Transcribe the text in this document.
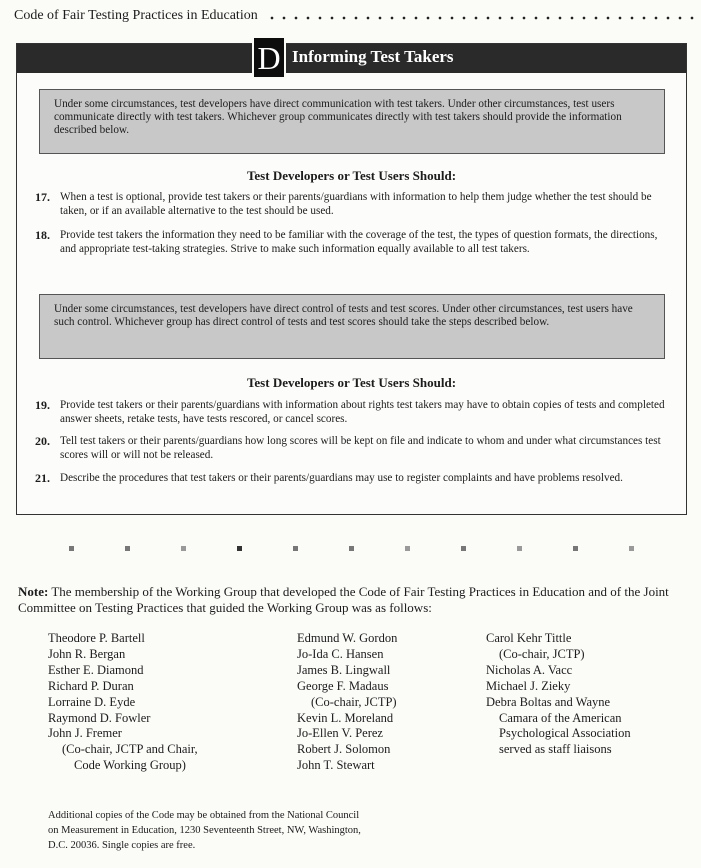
Code of Fair Testing Practices in Education
D Informing Test Takers
Under some circumstances, test developers have direct communication with test takers. Under other circumstances, test users communicate directly with test takers. Whichever group communicates directly with test takers should provide the information described below.
Test Developers or Test Users Should:
17. When a test is optional, provide test takers or their parents/guardians with information to help them judge whether the test should be taken, or if an available alternative to the test should be used.
18. Provide test takers the information they need to be familiar with the coverage of the test, the types of question formats, the directions, and appropriate test-taking strategies. Strive to make such information equally available to all test takers.
Under some circumstances, test developers have direct control of tests and test scores. Under other circumstances, test users have such control. Whichever group has direct control of tests and test scores should take the steps described below.
Test Developers or Test Users Should:
19. Provide test takers or their parents/guardians with information about rights test takers may have to obtain copies of tests and completed answer sheets, retake tests, have tests rescored, or cancel scores.
20. Tell test takers or their parents/guardians how long scores will be kept on file and indicate to whom and under what circumstances test scores will or will not be released.
21. Describe the procedures that test takers or their parents/guardians may use to register complaints and have problems resolved.
Note: The membership of the Working Group that developed the Code of Fair Testing Practices in Education and of the Joint Committee on Testing Practices that guided the Working Group was as follows:
Theodore P. Bartell
John R. Bergan
Esther E. Diamond
Richard P. Duran
Lorraine D. Eyde
Raymond D. Fowler
John J. Fremer
(Co-chair, JCTP and Chair,
Code Working Group)
Edmund W. Gordon
Jo-Ida C. Hansen
James B. Lingwall
George F. Madaus
(Co-chair, JCTP)
Kevin L. Moreland
Jo-Ellen V. Perez
Robert J. Solomon
John T. Stewart
Carol Kehr Tittle
(Co-chair, JCTP)
Nicholas A. Vacc
Michael J. Zieky
Debra Boltas and Wayne
Camara of the American
Psychological Association
served as staff liaisons
Additional copies of the Code may be obtained from the National Council on Measurement in Education, 1230 Seventeenth Street, NW, Washington, D.C. 20036. Single copies are free.
